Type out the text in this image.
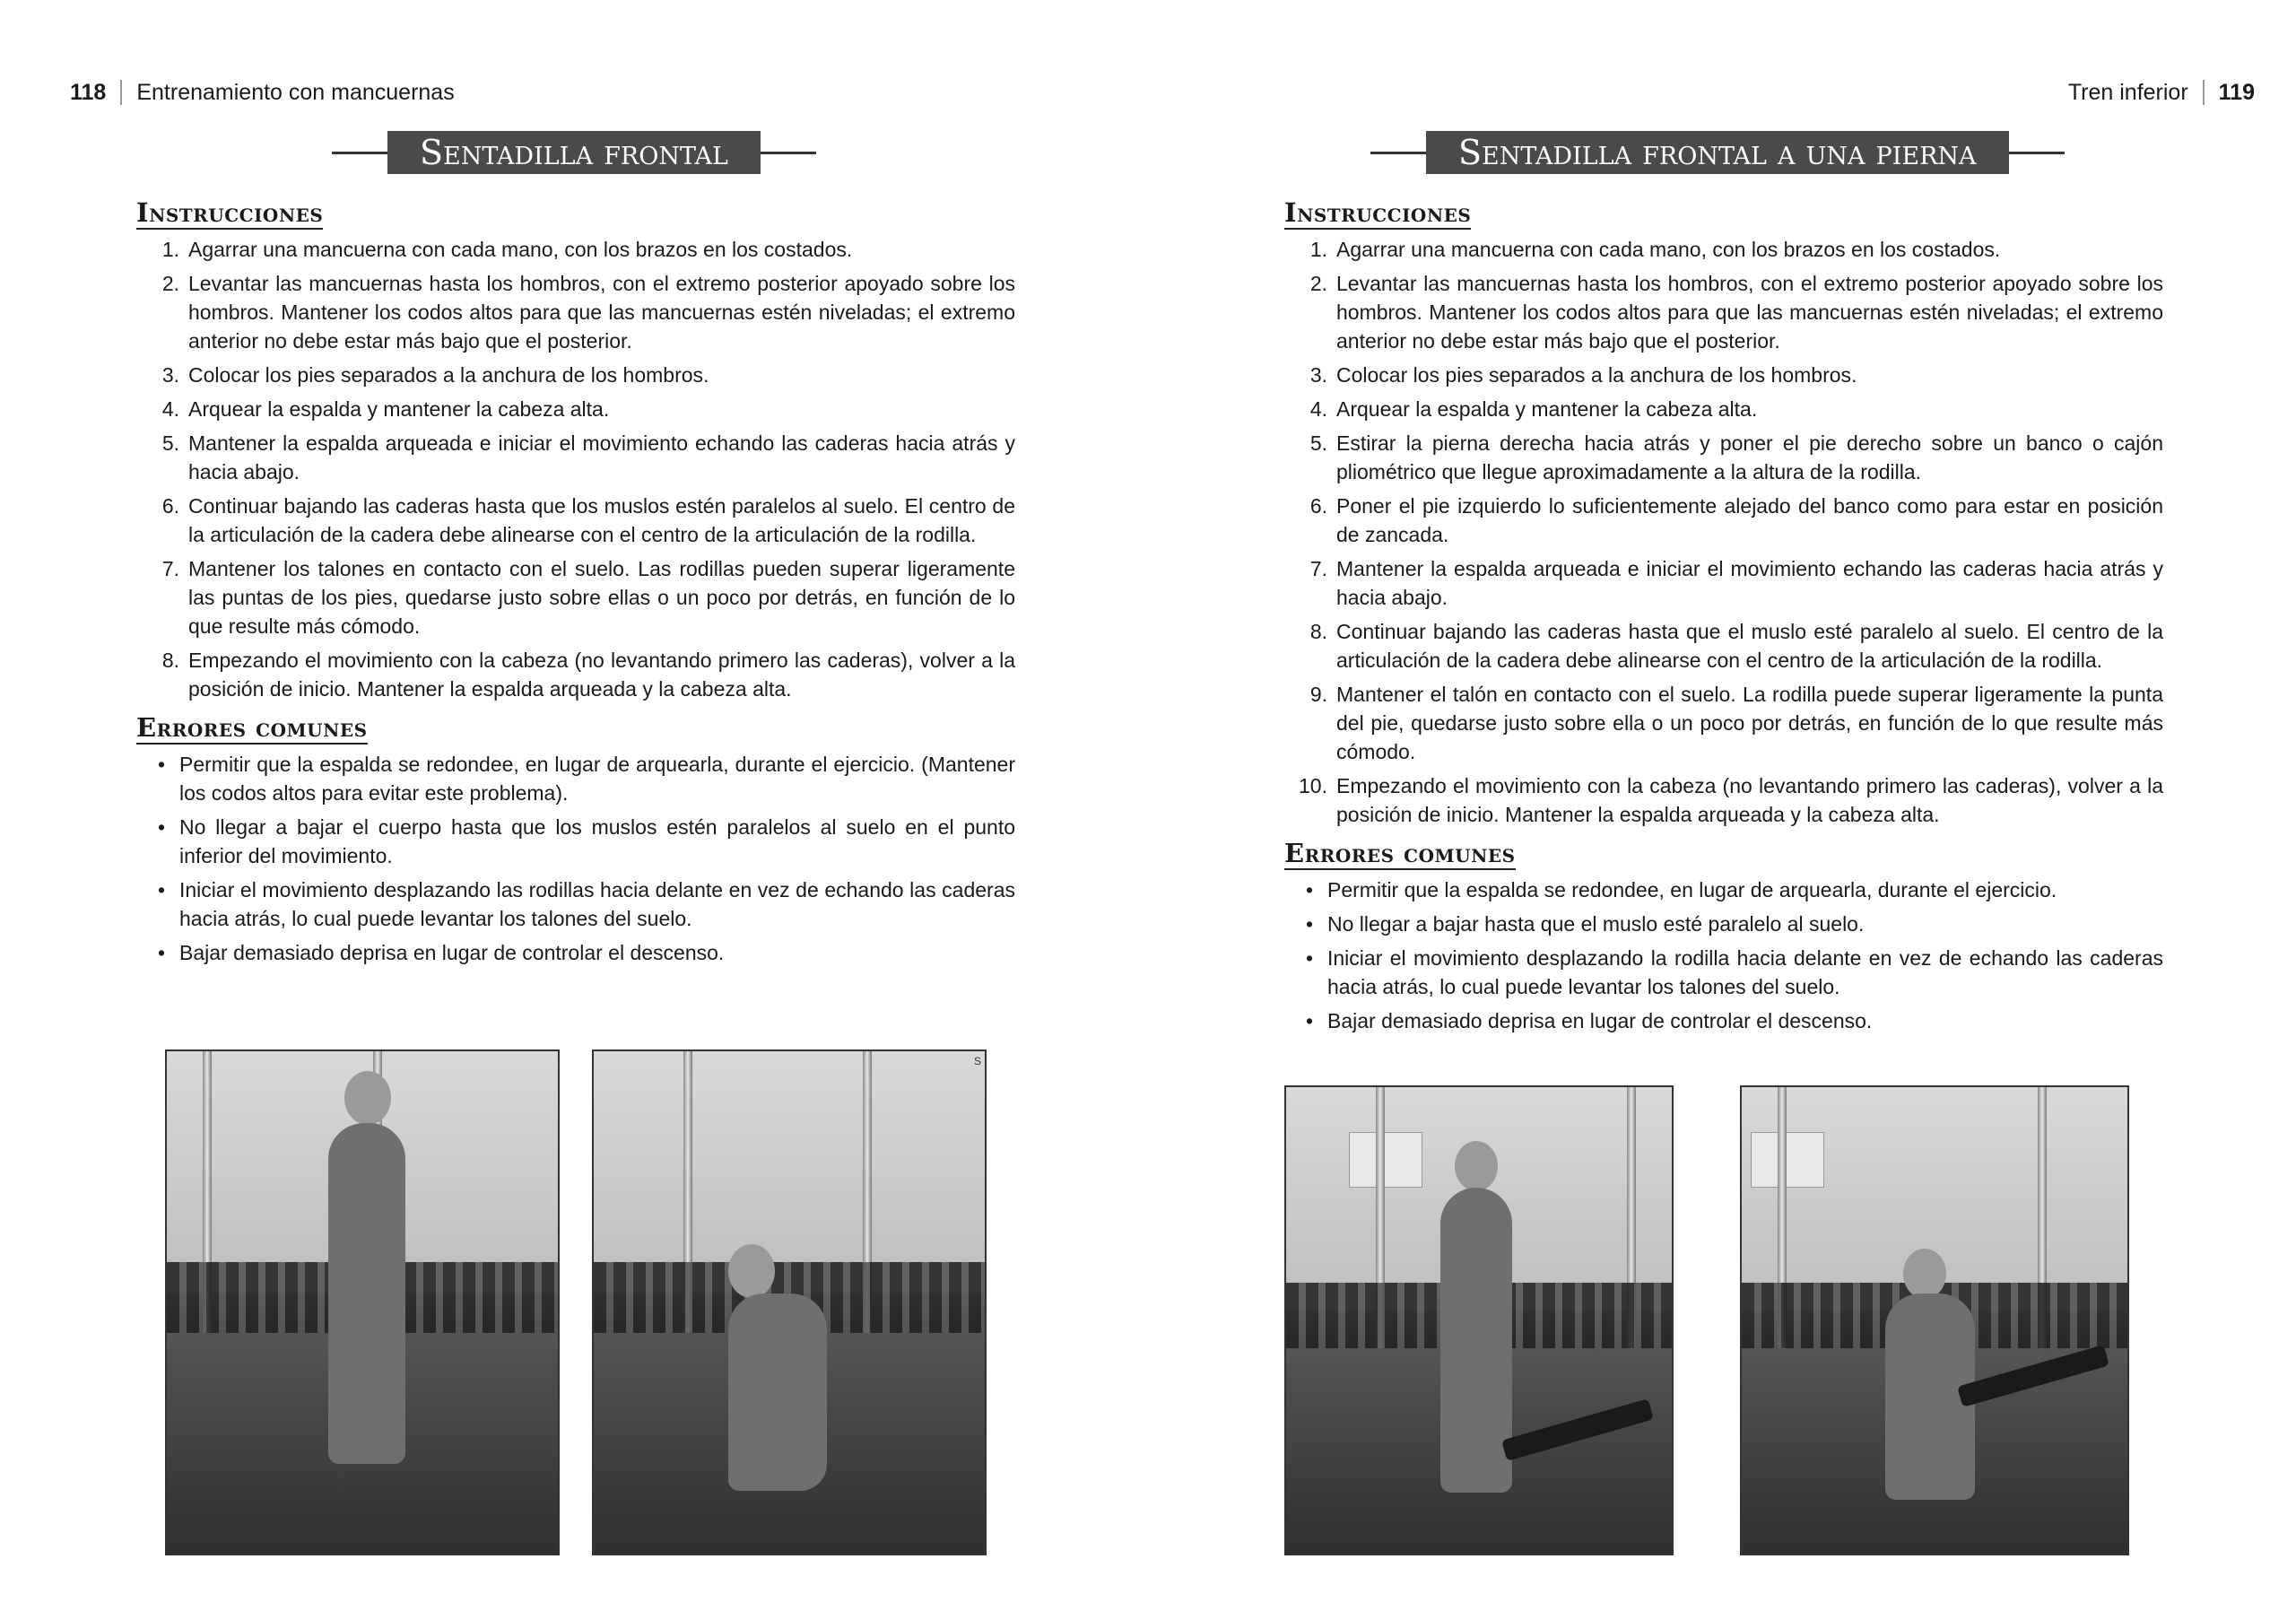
118 Entrenamiento con mancuernas
Sentadilla frontal
Instrucciones
1. Agarrar una mancuerna con cada mano, con los brazos en los costados.
2. Levantar las mancuernas hasta los hombros, con el extremo posterior apoyado sobre los hombros. Mantener los codos altos para que las mancuernas estén niveladas; el extremo anterior no debe estar más bajo que el posterior.
3. Colocar los pies separados a la anchura de los hombros.
4. Arquear la espalda y mantener la cabeza alta.
5. Mantener la espalda arqueada e iniciar el movimiento echando las caderas hacia atrás y hacia abajo.
6. Continuar bajando las caderas hasta que los muslos estén paralelos al suelo. El centro de la articulación de la cadera debe alinearse con el centro de la articulación de la rodilla.
7. Mantener los talones en contacto con el suelo. Las rodillas pueden superar ligeramente las puntas de los pies, quedarse justo sobre ellas o un poco por detrás, en función de lo que resulte más cómodo.
8. Empezando el movimiento con la cabeza (no levantando primero las caderas), volver a la posición de inicio. Mantener la espalda arqueada y la cabeza alta.
Errores comunes
• Permitir que la espalda se redondee, en lugar de arquearla, durante el ejercicio. (Mantener los codos altos para evitar este problema).
• No llegar a bajar el cuerpo hasta que los muslos estén paralelos al suelo en el punto inferior del movimiento.
• Iniciar el movimiento desplazando las rodillas hacia delante en vez de echando las caderas hacia atrás, lo cual puede levantar los talones del suelo.
• Bajar demasiado deprisa en lugar de controlar el descenso.
S
Tren inferior 119
Sentadilla frontal a una pierna
Instrucciones
1. Agarrar una mancuerna con cada mano, con los brazos en los costados.
2. Levantar las mancuernas hasta los hombros, con el extremo posterior apoyado sobre los hombros. Mantener los codos altos para que las mancuernas estén niveladas; el extremo anterior no debe estar más bajo que el posterior.
3. Colocar los pies separados a la anchura de los hombros.
4. Arquear la espalda y mantener la cabeza alta.
5. Estirar la pierna derecha hacia atrás y poner el pie derecho sobre un banco o cajón pliométrico que llegue aproximadamente a la altura de la rodilla.
6. Poner el pie izquierdo lo suficientemente alejado del banco como para estar en posición de zancada.
7. Mantener la espalda arqueada e iniciar el movimiento echando las caderas hacia atrás y hacia abajo.
8. Continuar bajando las caderas hasta que el muslo esté paralelo al suelo. El centro de la articulación de la cadera debe alinearse con el centro de la articulación de la rodilla.
9. Mantener el talón en contacto con el suelo. La rodilla puede superar ligeramente la punta del pie, quedarse justo sobre ella o un poco por detrás, en función de lo que resulte más cómodo.
10. Empezando el movimiento con la cabeza (no levantando primero las caderas), volver a la posición de inicio. Mantener la espalda arqueada y la cabeza alta.
Errores comunes
• Permitir que la espalda se redondee, en lugar de arquearla, durante el ejercicio.
• No llegar a bajar hasta que el muslo esté paralelo al suelo.
• Iniciar el movimiento desplazando la rodilla hacia delante en vez de echando las caderas hacia atrás, lo cual puede levantar los talones del suelo.
• Bajar demasiado deprisa en lugar de controlar el descenso.
